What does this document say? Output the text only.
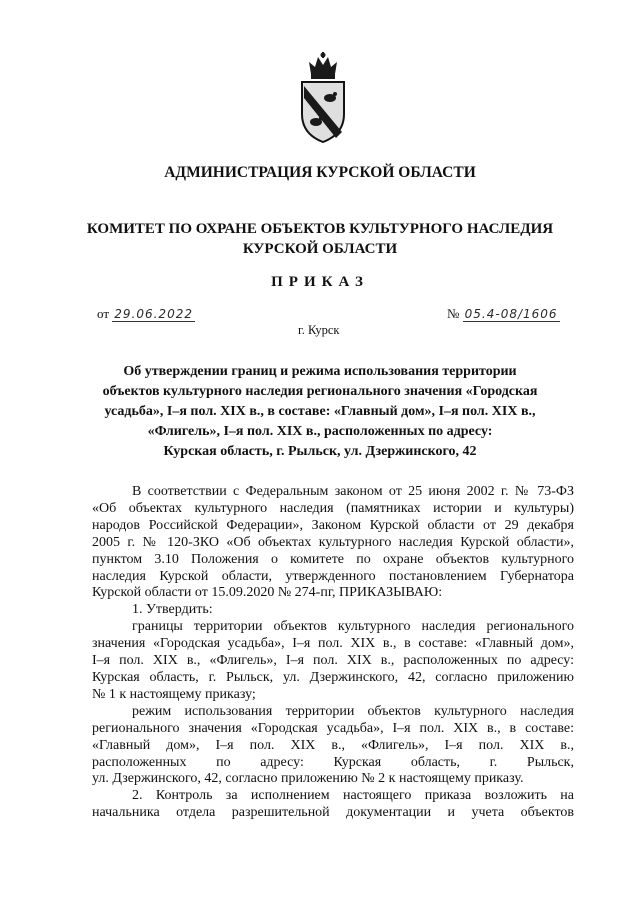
АДМИНИСТРАЦИЯ КУРСКОЙ ОБЛАСТИ
КОМИТЕТ ПО ОХРАНЕ ОБЪЕКТОВ КУЛЬТУРНОГО НАСЛЕДИЯ
КУРСКОЙ ОБЛАСТИ
ПРИКАЗ
от 29.06.2022	№ 05.4-08/1606
г. Курск
Об утверждении границ и режима использования территории
объектов культурного наследия регионального значения «Городская
усадьба», I–я пол. XIX в., в составе: «Главный дом», I–я пол. XIX в.,
«Флигель», I–я пол. XIX в., расположенных по адресу:
Курская область, г. Рыльск, ул. Дзержинского, 42
В соответствии с Федеральным законом от 25 июня 2002 г. № 73-ФЗ
«Об объектах культурного наследия (памятниках истории и культуры)
народов Российской Федерации», Законом Курской области от 29 декабря
2005 г. № 120-ЗКО «Об объектах культурного наследия Курской области»,
пунктом 3.10 Положения о комитете по охране объектов культурного
наследия Курской области, утвержденного постановлением Губернатора
Курской области от 15.09.2020 № 274-пг, ПРИКАЗЫВАЮ:
1. Утвердить:
границы территории объектов культурного наследия регионального
значения «Городская усадьба», I–я пол. XIX в., в составе: «Главный дом»,
I–я пол. XIX в., «Флигель», I–я пол. XIX в., расположенных по адресу:
Курская область, г. Рыльск, ул. Дзержинского, 42, согласно приложению
№ 1 к настоящему приказу;
режим использования территории объектов культурного наследия
регионального значения «Городская усадьба», I–я пол. XIX в., в составе:
«Главный дом», I–я пол. XIX в., «Флигель», I–я пол. XIX в.,
расположенных по адресу: Курская область, г. Рыльск,
ул. Дзержинского, 42, согласно приложению № 2 к настоящему приказу.
2. Контроль за исполнением настоящего приказа возложить на
начальника отдела разрешительной документации и учета объектов
